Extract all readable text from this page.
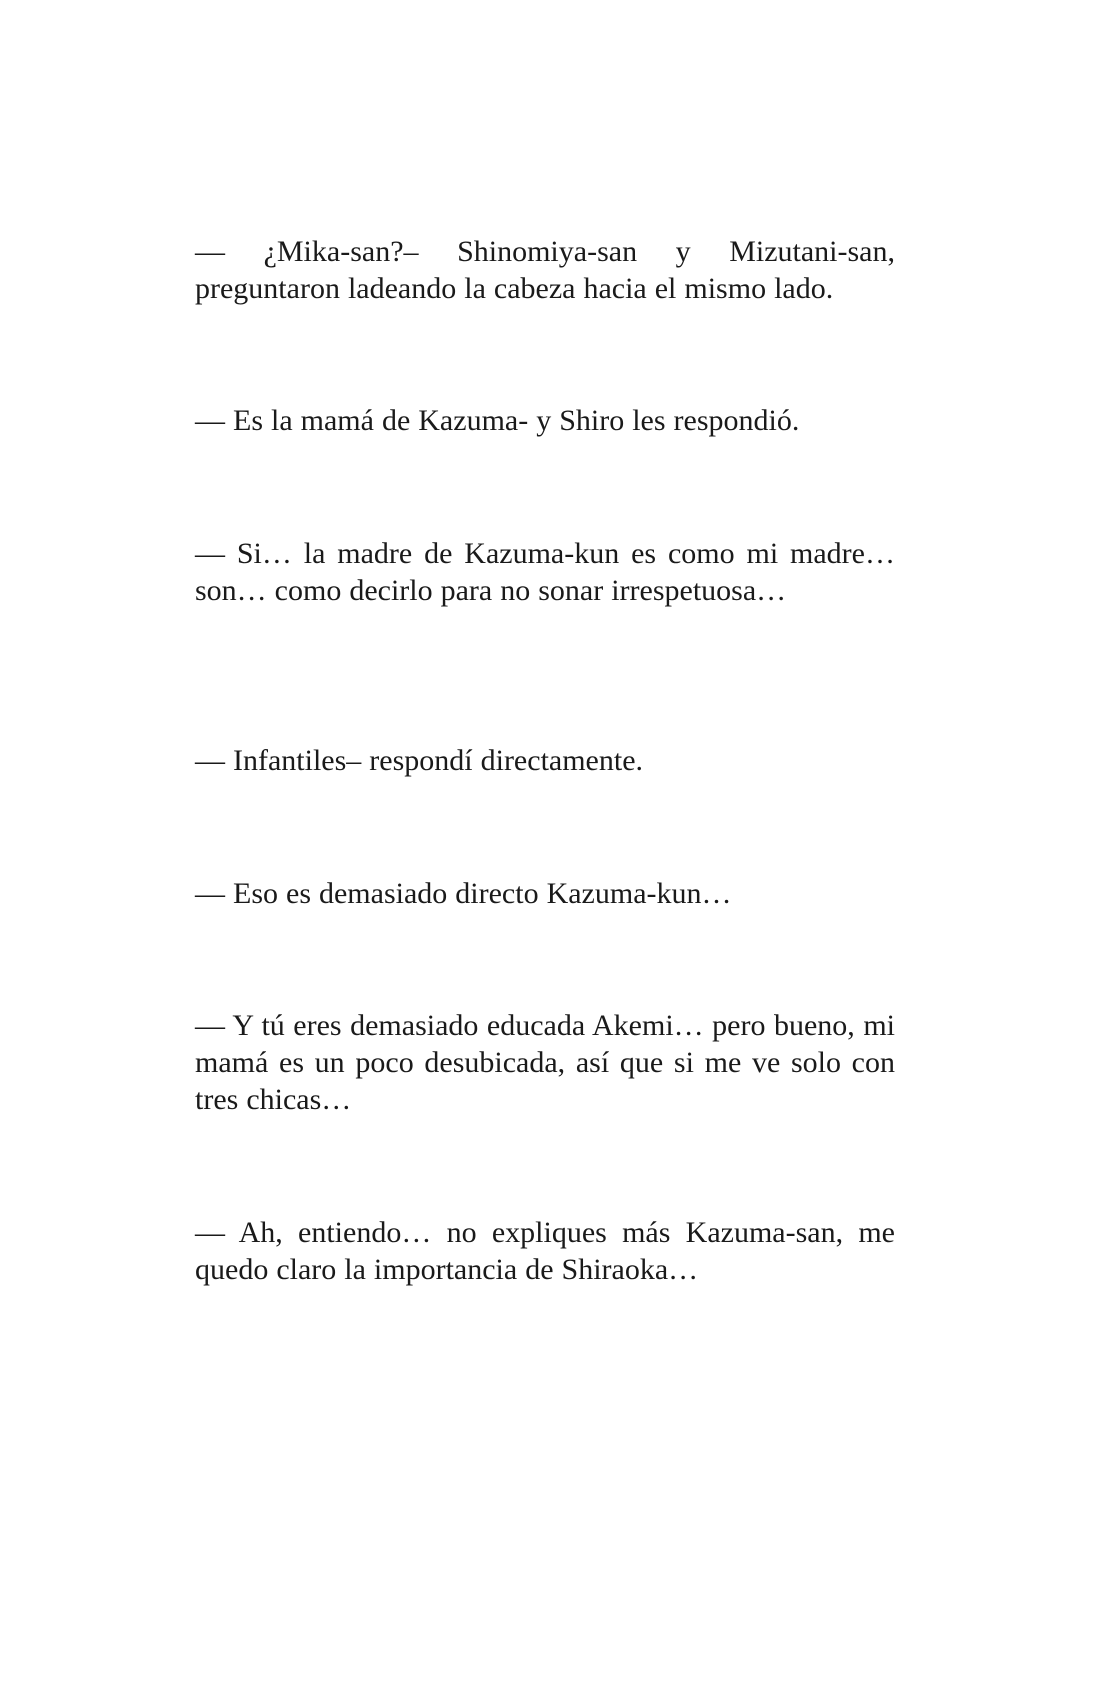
— ¿Mika-san?– Shinomiya-san y Mizutani-san, preguntaron ladeando la cabeza hacia el mismo lado.

— Es la mamá de Kazuma- y Shiro les respondió.

— Si… la madre de Kazuma-kun es como mi madre… son… como decirlo para no sonar irrespetuosa…

— Infantiles– respondí directamente.

— Eso es demasiado directo Kazuma-kun…

— Y tú eres demasiado educada Akemi… pero bueno, mi mamá es un poco desubicada, así que si me ve solo con tres chicas…

— Ah, entiendo… no expliques más Kazuma-san, me quedo claro la importancia de Shiraoka…
